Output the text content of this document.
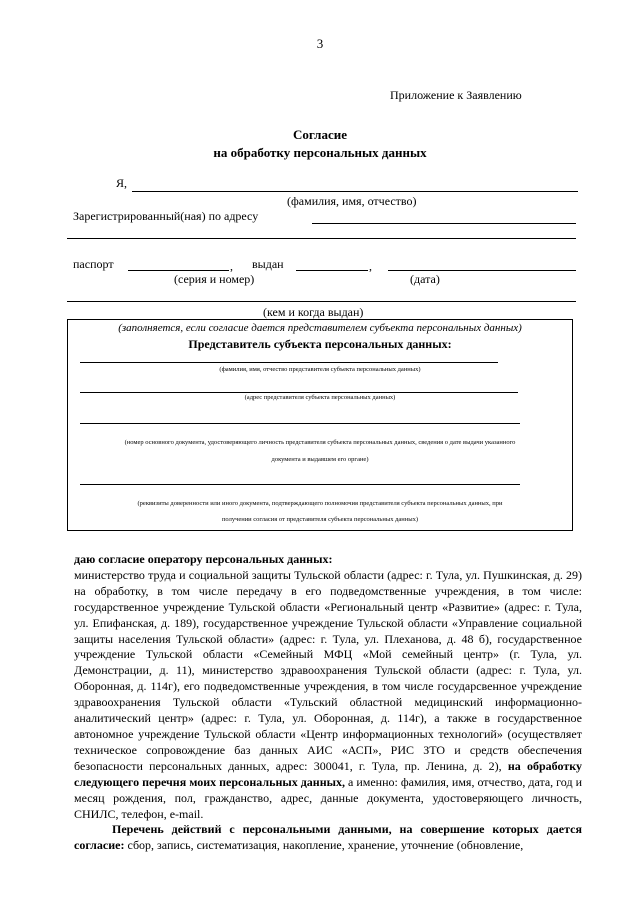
3
Приложение к Заявлению
Согласие
на обработку персональных данных
Я,
(фамилия, имя, отчество)
Зарегистрированный(ная) по адресу
паспорт	, выдан	,
(серия и номер)	(дата)
(кем и когда выдан)
(заполняется, если согласие дается представителем субъекта персональных данных)
Представитель субъекта персональных данных:
(фамилия, имя, отчество представителя субъекта персональных данных)
(адрес представителя субъекта персональных данных)
(номер основного документа, удостоверяющего личность представителя субъекта персональных данных, сведения о дате выдачи указанного
документа и выдавшем его органе)
(реквизиты доверенности или иного документа, подтверждающего полномочия представителя субъекта персональных данных, при
получении согласия от представителя субъекта персональных данных)

даю согласие оператору персональных данных:

министерство труда и социальной защиты Тульской области (адрес: г. Тула, ул. Пушкинская, д. 29) на обработку, в том числе передачу в его подведомственные учреждения, в том числе: государственное учреждение Тульской области «Региональный центр «Развитие» (адрес: г. Тула, ул. Епифанская, д. 189), государственное учреждение Тульской области «Управление социальной защиты населения Тульской области» (адрес: г. Тула, ул. Плеханова, д. 48 б), государственное учреждение Тульской области «Семейный МФЦ «Мой семейный центр» (г. Тула, ул. Демонстрации, д. 11), министерство здравоохранения Тульской области (адрес: г. Тула, ул. Оборонная, д. 114г), его подведомственные учреждения, в том числе государсвенное учреждение здравоохранения Тульской области «Тульский областной медицинский информационно-аналитический центр» (адрес: г. Тула, ул. Оборонная, д. 114г), а также в государственное автономное учреждение Тульской области «Центр информационных технологий» (осуществляет техническое сопровождение баз данных АИС «АСП», РИС ЗТО и средств обеспечения безопасности персональных данных, адрес: 300041, г. Тула, пр. Ленина, д. 2), на обработку следующего перечня моих персональных данных, а именно: фамилия, имя, отчество, дата, год и месяц рождения, пол, гражданство, адрес, данные документа, удостоверяющего личность, СНИЛС, телефон, e-mail.

Перечень действий с персональными данными, на совершение которых дается согласие: сбор, запись, систематизация, накопление, хранение, уточнение (обновление,
